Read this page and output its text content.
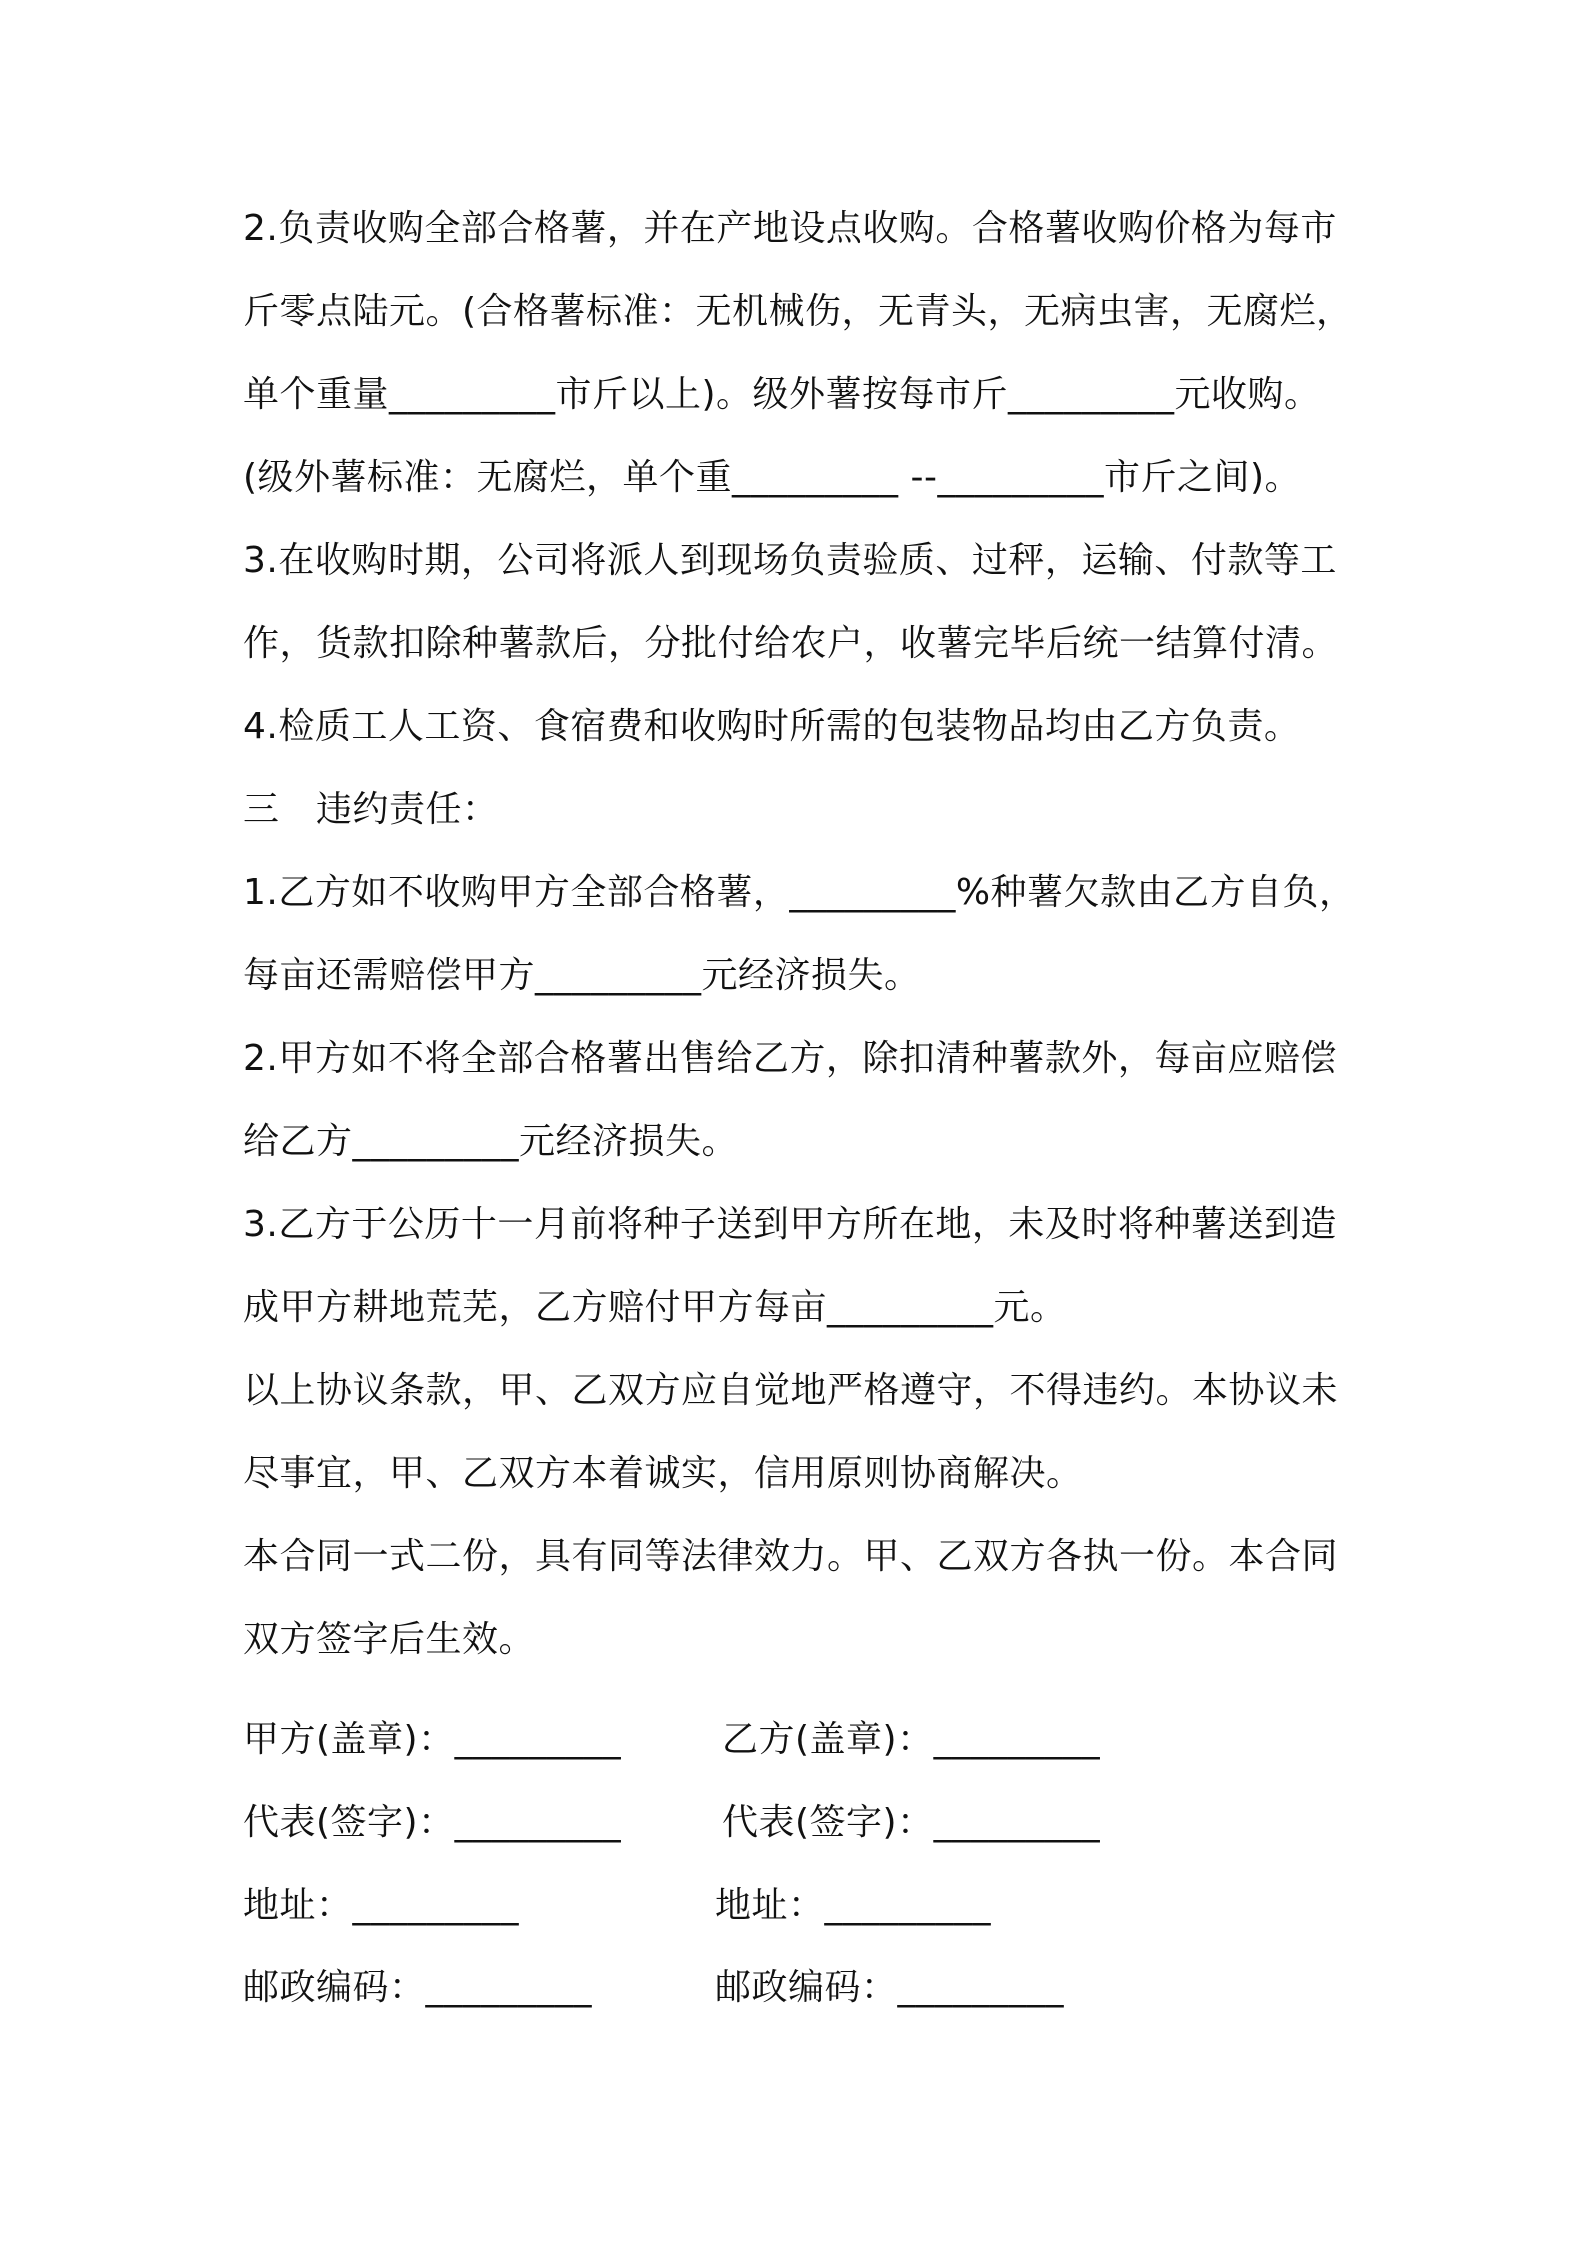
2.负责收购全部合格薯，并在产地设点收购。合格薯收购价格为每市
斤零点陆元。(合格薯标准：无机械伤，无青头，无病虫害，无腐烂，
单个重量_________市斤以上)。级外薯按每市斤_________元收购。
(级外薯标准：无腐烂，单个重_________ --_________市斤之间)。
3.在收购时期，公司将派人到现场负责验质、过秤，运输、付款等工
作，货款扣除种薯款后，分批付给农户，收薯完毕后统一结算付清。
4.检质工人工资、食宿费和收购时所需的包装物品均由乙方负责。
三　违约责任：
1.乙方如不收购甲方全部合格薯，_________%种薯欠款由乙方自负，
每亩还需赔偿甲方_________元经济损失。
2.甲方如不将全部合格薯出售给乙方，除扣清种薯款外，每亩应赔偿
给乙方_________元经济损失。
3.乙方于公历十一月前将种子送到甲方所在地，未及时将种薯送到造
成甲方耕地荒芜，乙方赔付甲方每亩_________元。
以上协议条款，甲、乙双方应自觉地严格遵守，不得违约。本协议未
尽事宜，甲、乙双方本着诚实，信用原则协商解决。
本合同一式二份，具有同等法律效力。甲、乙双方各执一份。本合同
双方签字后生效。
甲方(盖章)：_________	乙方(盖章)：_________
代表(签字)：_________	代表(签字)：_________
地址：_________	地址：_________
邮政编码：_________	邮政编码：_________
